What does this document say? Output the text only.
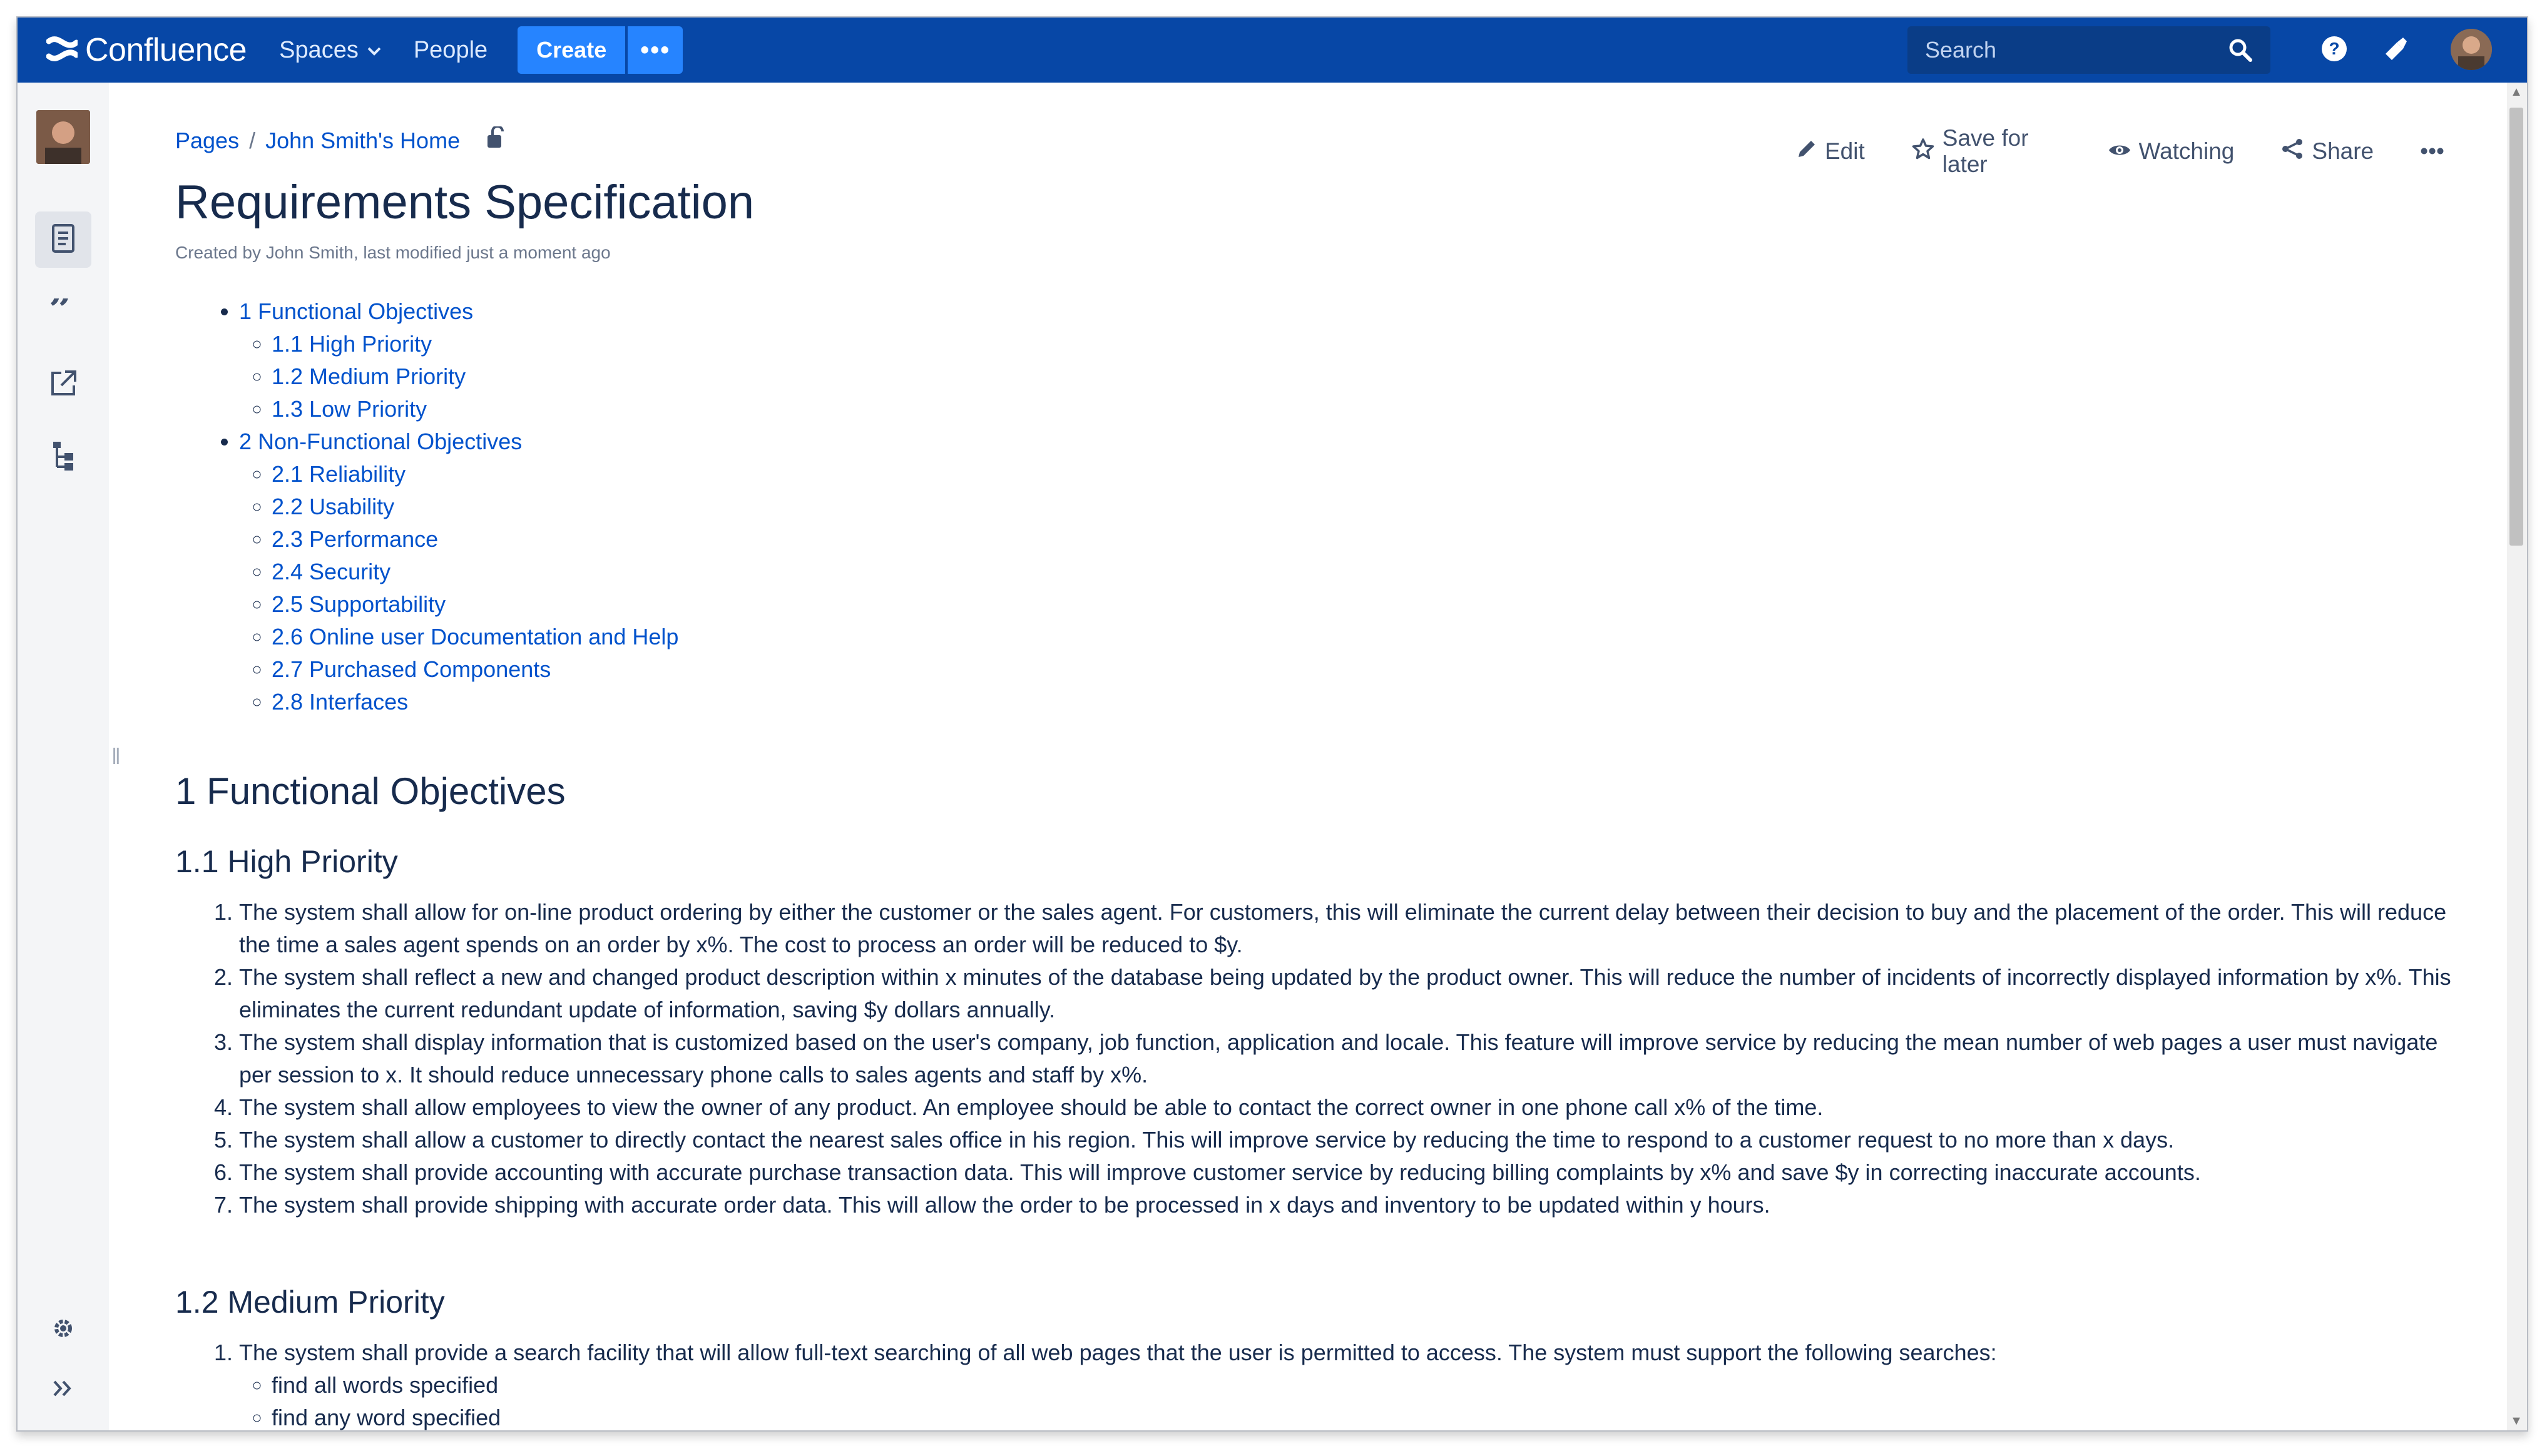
Confluence Spaces People	Create	•••
Search	?
”
‖
Pages / John Smith's Home	Edit
Save for later
Watching	Share •••
Requirements Specification
Created by John Smith, last modified just a moment ago
• 1 Functional Objectives
◦ 1.1 High Priority
◦ 1.2 Medium Priority
◦ 1.3 Low Priority
• 2 Non-Functional Objectives
◦ 2.1 Reliability
◦ 2.2 Usability
◦ 2.3 Performance
◦ 2.4 Security
◦ 2.5 Supportability
◦ 2.6 Online user Documentation and Help
◦ 2.7 Purchased Components
◦ 2.8 Interfaces
1 Functional Objectives
1.1 High Priority
1. The system shall allow for on-line product ordering by either the customer or the sales agent. For customers, this will eliminate the current delay between their decision to buy and the placement of the order. This will reduce the time a sales agent spends on an order by x%. The cost to process an order will be reduced to $y.
2. The system shall reflect a new and changed product description within x minutes of the database being updated by the product owner. This will reduce the number of incidents of incorrectly displayed information by x%. This eliminates the current redundant update of information, saving $y dollars annually.
3. The system shall display information that is customized based on the user's company, job function, application and locale. This feature will improve service by reducing the mean number of web pages a user must navigate per session to x. It should reduce unnecessary phone calls to sales agents and staff by x%.
4. The system shall allow employees to view the owner of any product. An employee should be able to contact the correct owner in one phone call x% of the time.
5. The system shall allow a customer to directly contact the nearest sales office in his region. This will improve service by reducing the time to respond to a customer request to no more than x days.
6. The system shall provide accounting with accurate purchase transaction data. This will improve customer service by reducing billing complaints by x% and save $y in correcting inaccurate accounts.
7. The system shall provide shipping with accurate order data. This will allow the order to be processed in x days and inventory to be updated within y hours.
1.2 Medium Priority
1. The system shall provide a search facility that will allow full-text searching of all web pages that the user is permitted to access. The system must support the following searches:
◦ find all words specified
◦ find any word specified
▲
▼
